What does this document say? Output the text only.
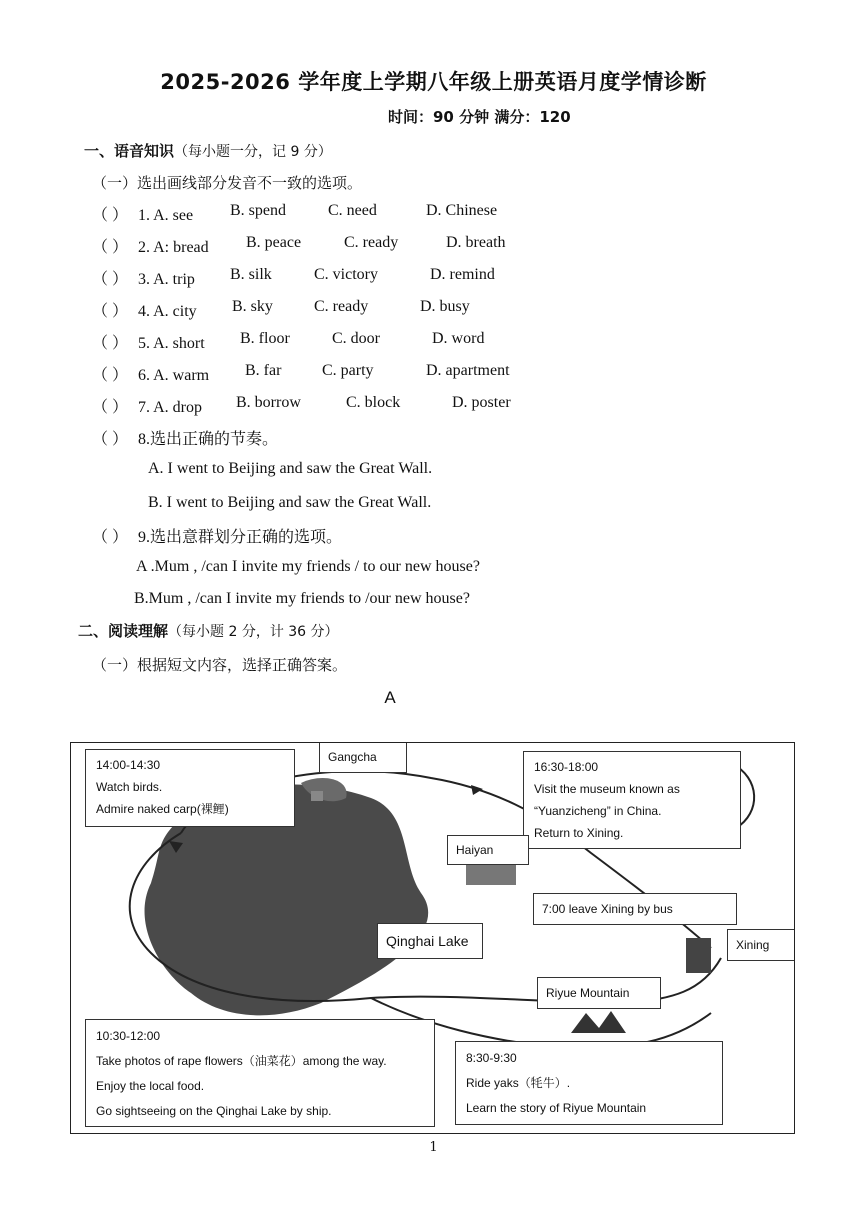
2025-2026 学年度上学期八年级上册英语月度学情诊断
时间：90 分钟 满分：120
一、语音知识（每小题一分，记 9 分）
（一）选出画线部分发音不一致的选项。
（ ） 1. A. see B. spend	C. need	D. Chinese
（ ） 2. A: bread B. peace	C. ready	D. breath
（ ） 3. A. trip B. silk	C. victory	D. remind
（ ） 4. A. city B. sky	C. ready	D. busy
（ ） 5. A. short B. floor	C. door	D. word
（ ） 6. A. warm B. far	C. party	D. apartment
（ ） 7. A. drop B. borrow	C. block	D. poster
（ ） 8.选出正确的节奏。
A. I went to Beijing and saw the Great Wall.
B. I went to Beijing and saw the Great Wall.
（ ） 9.选出意群划分正确的选项。
A .Mum , /can I invite my friends / to our new house?
B.Mum , /can I invite my friends to /our new house?
二、阅读理解（每小题 2 分，计 36 分）
（一）根据短文内容，选择正确答案。
A
14:00-14:30
Watch birds.
Admire naked carp(裸鲤)
Gangcha
16:30-18:00
Visit the museum known as
“Yuanzicheng” in China.
Return to Xining.
Haiyan
7:00 leave Xining by bus
Qinghai Lake	Xining
Riyue Mountain
10:30-12:00
Take photos of rape flowers（油菜花）among the way.
Enjoy the local food.
Go sightseeing on the Qinghai Lake by ship.
8:30-9:30
Ride yaks（牦牛）.
Learn the story of Riyue Mountain
1
